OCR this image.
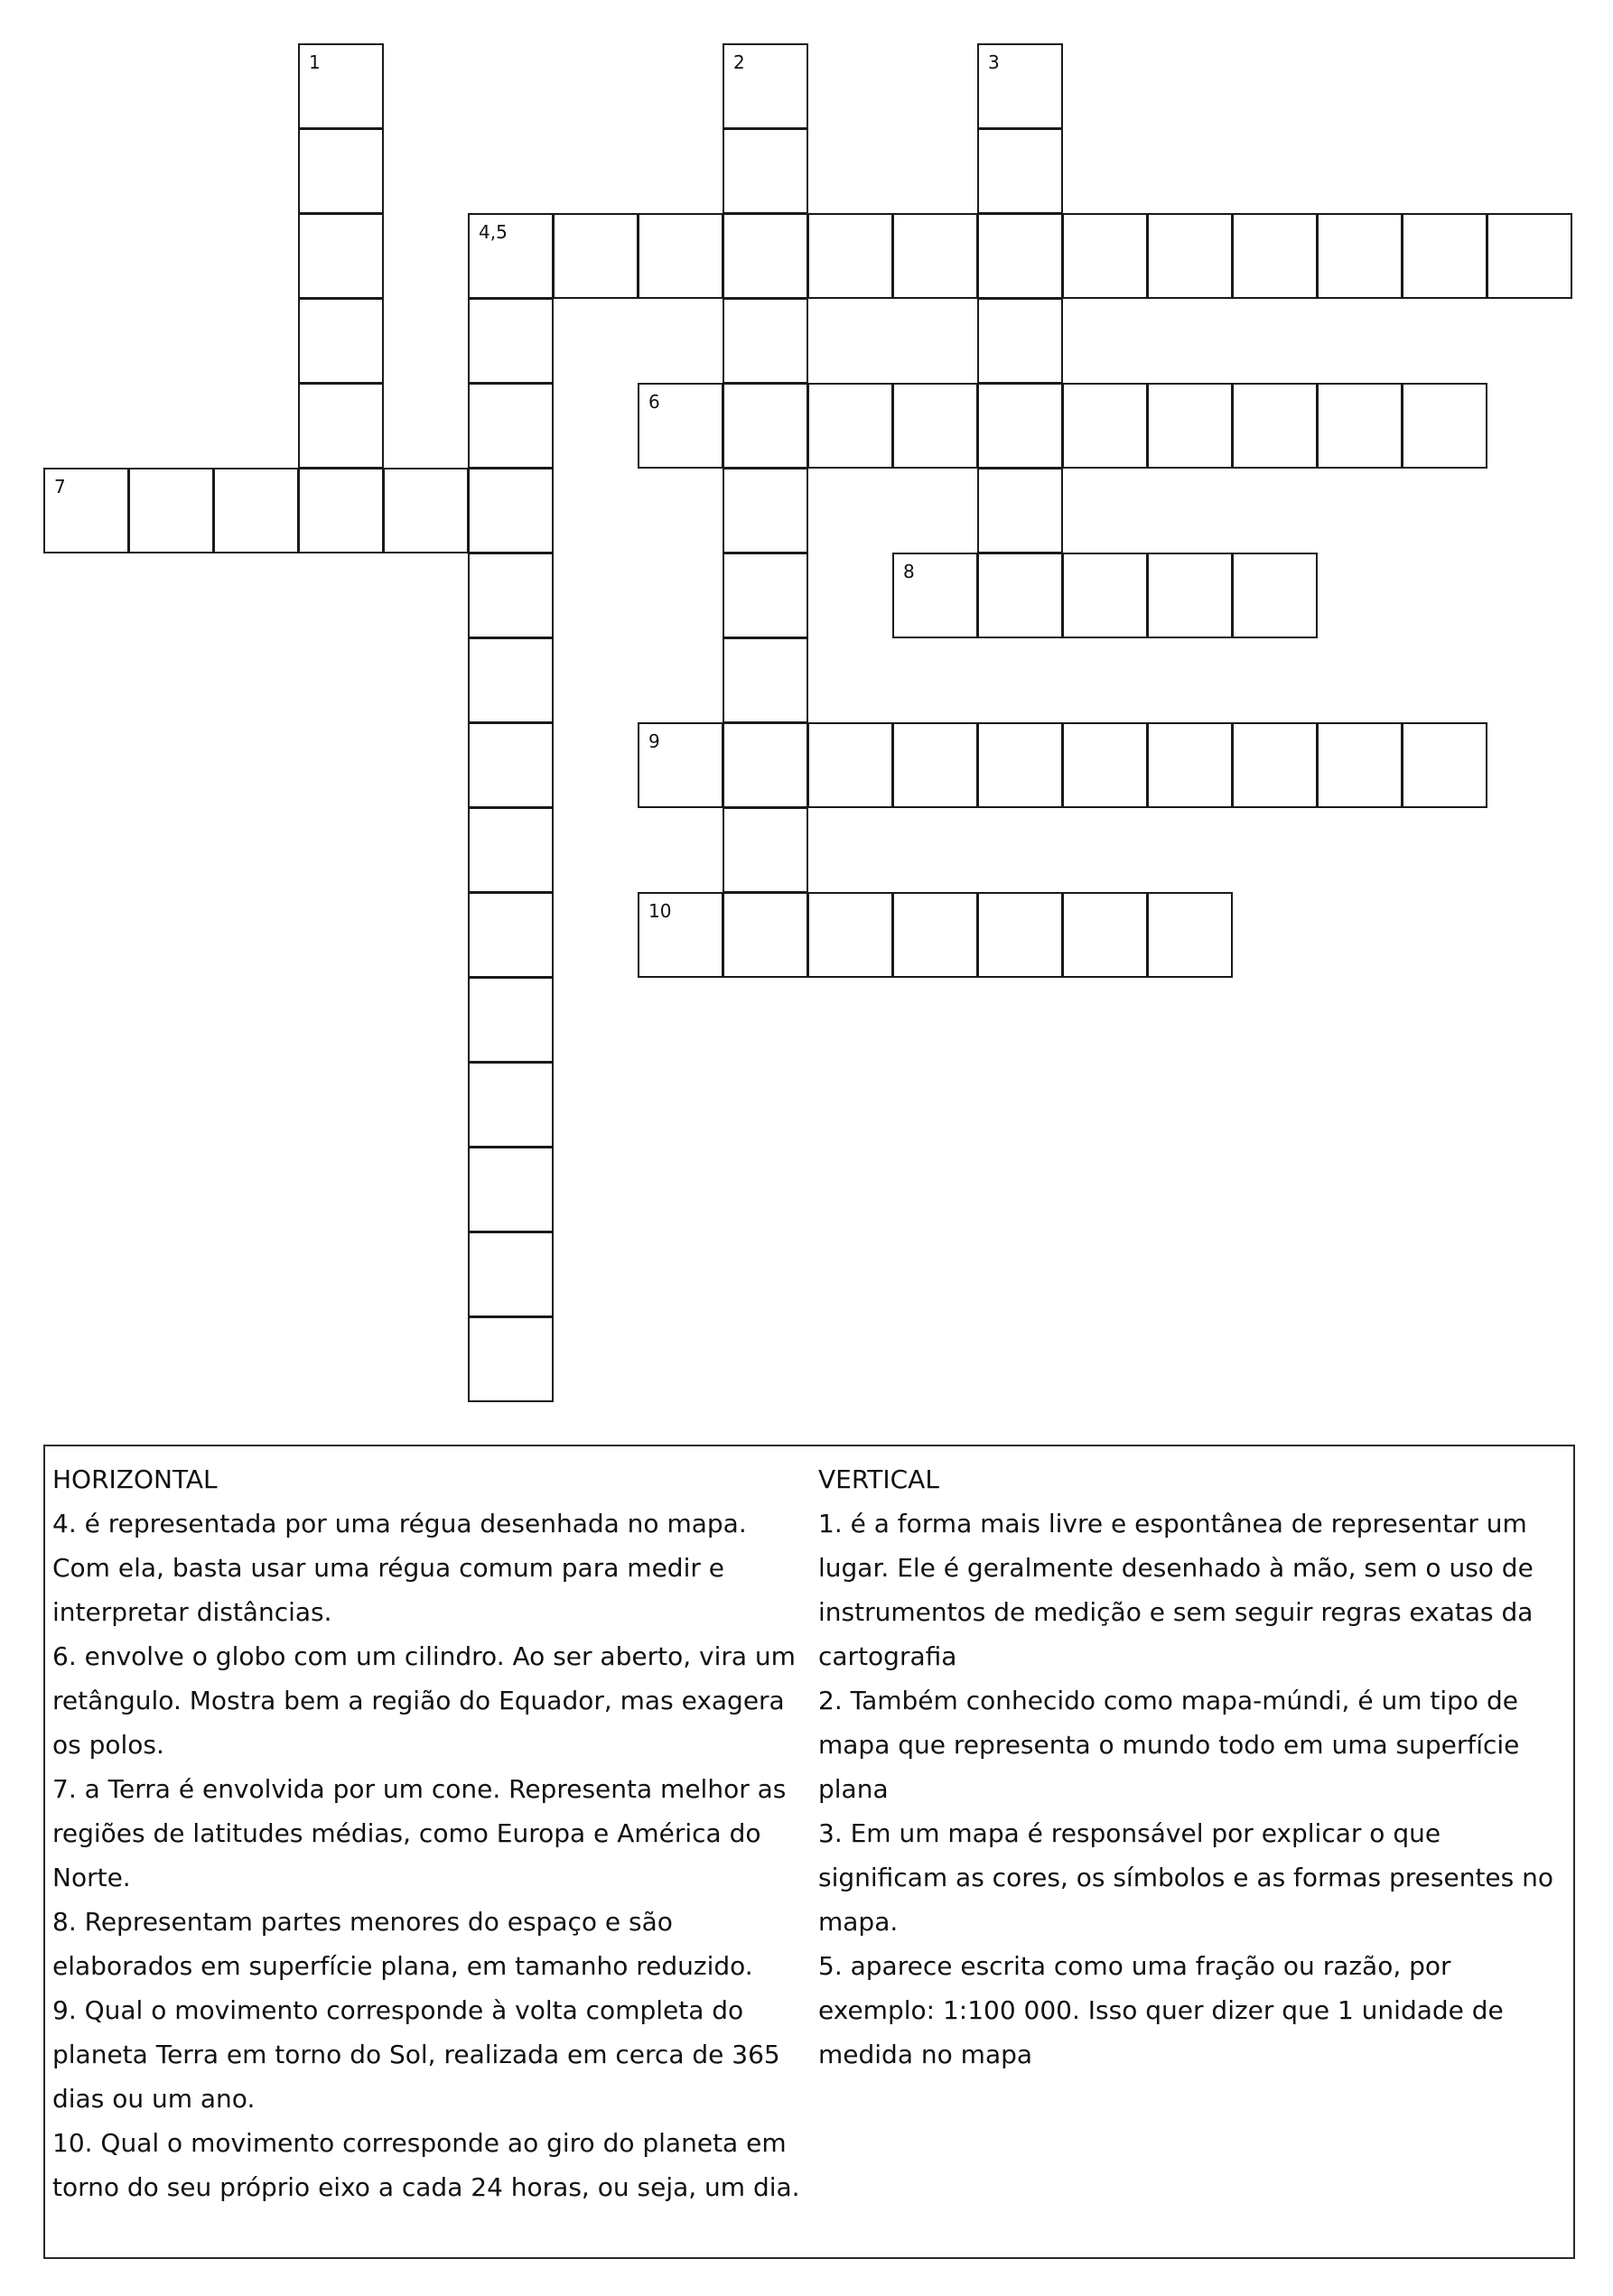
1	2	3
4,5
6
7
8
9
10

HORIZONTAL

4. é representada por uma régua desenhada no mapa. Com ela, basta usar uma régua comum para medir e interpretar distâncias.

6. envolve o globo com um cilindro. Ao ser aberto, vira um retângulo. Mostra bem a região do Equador, mas exagera os polos.

7. a Terra é envolvida por um cone. Representa melhor as regiões de latitudes médias, como Europa e América do Norte.

8. Representam partes menores do espaço e são elaborados em superfície plana, em tamanho reduzido.

9. Qual o movimento corresponde à volta completa do planeta Terra em torno do Sol, realizada em cerca de 365 dias ou um ano.

10. Qual o movimento corresponde ao giro do planeta em torno do seu próprio eixo a cada 24 horas, ou seja, um dia.

VERTICAL

1. é a forma mais livre e espontânea de representar um lugar. Ele é geralmente desenhado à mão, sem o uso de instrumentos de medição e sem seguir regras exatas da cartografia

2. Também conhecido como mapa-múndi, é um tipo de mapa que representa o mundo todo em uma superfície plana

3. Em um mapa é responsável por explicar o que significam as cores, os símbolos e as formas presentes no mapa.

5. aparece escrita como uma fração ou razão, por exemplo: 1:100 000. Isso quer dizer que 1 unidade de medida no mapa
